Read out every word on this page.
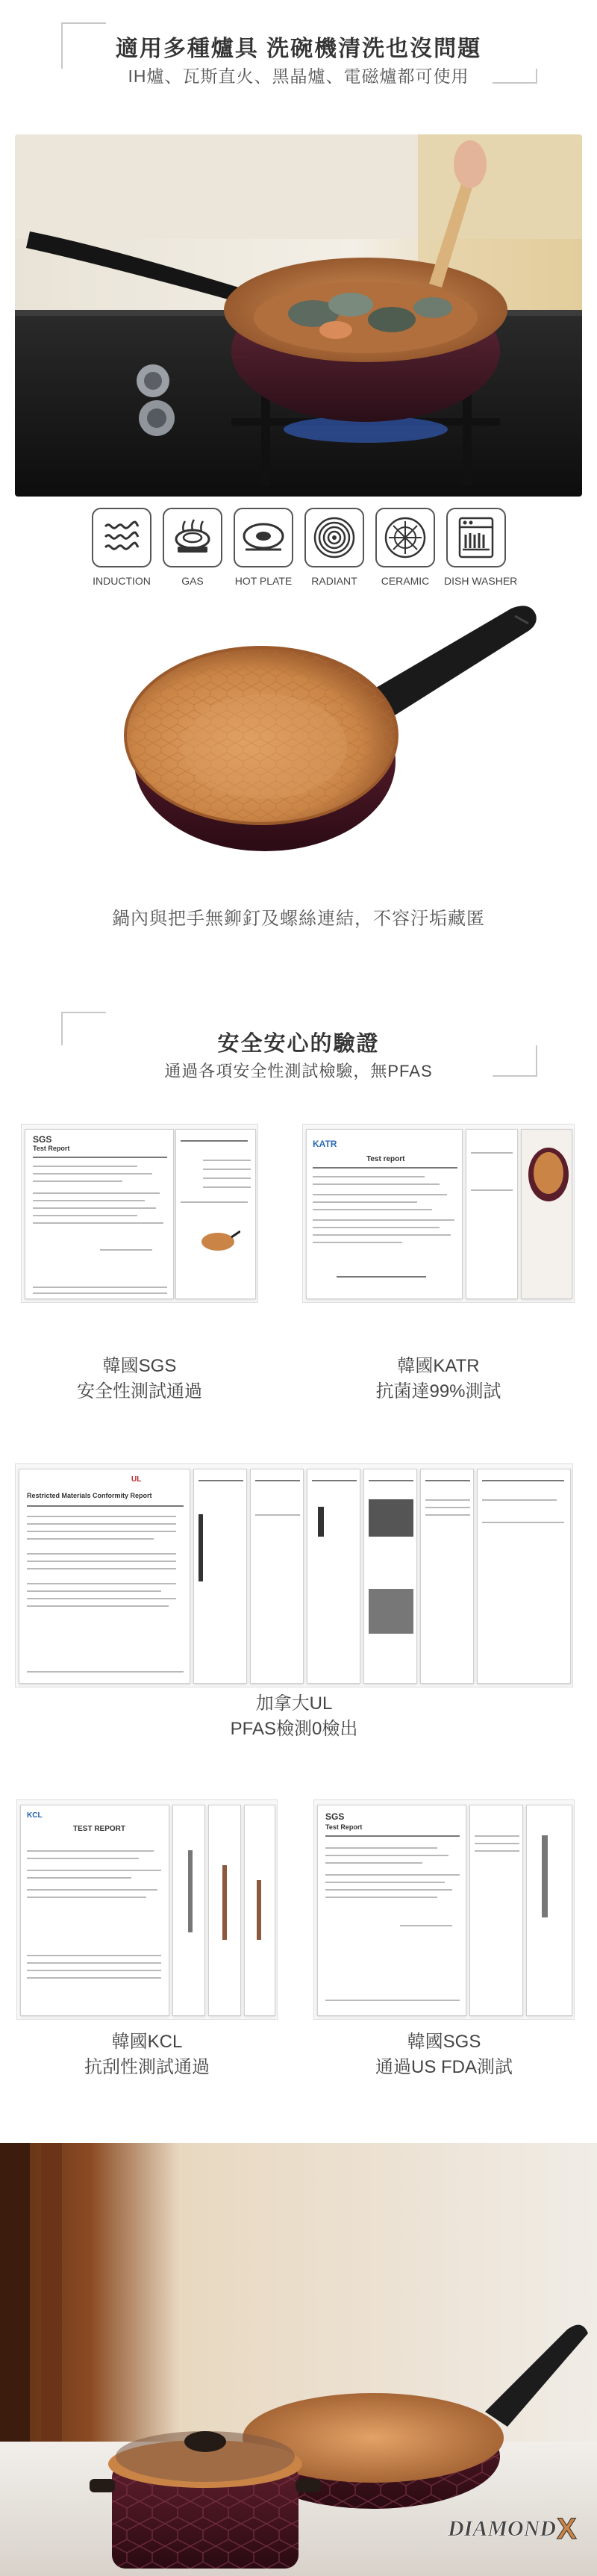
適用多種爐具 洗碗機清洗也沒問題
IH爐、瓦斯直火、黑晶爐、電磁爐都可使用
INDUCTION	GAS	HOT PLATE	RADIANT	CERAMIC	DISH WASHER
鍋內與把手無鉚釘及螺絲連結，不容汙垢藏匿
安全安心的驗證
通過各項安全性測試檢驗，無PFAS
SGS
Test Report
韓國SGS
安全性測試通過
KATR
Test report
韓國KATR
抗菌達99%測試
UL
Restricted Materials Conformity Report
加拿大UL
PFAS檢測0檢出
KCL
TEST REPORT
韓國KCL
抗刮性測試通過
SGS
Test Report
韓國SGS
通過US FDA測試
DIAMOND X
